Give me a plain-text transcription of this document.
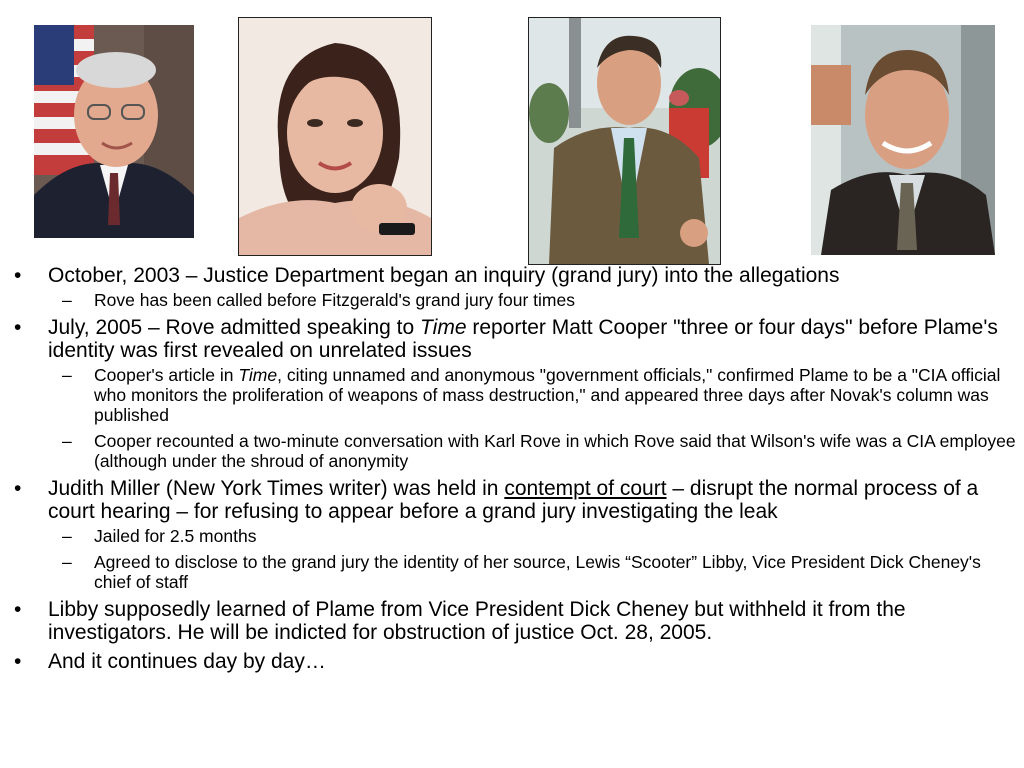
• October, 2003 – Justice Department began an inquiry (grand jury) into the allegations
– Rove has been called before Fitzgerald's grand jury four times
• July, 2005 – Rove admitted speaking to Time reporter Matt Cooper "three or four days" before Plame's identity was first revealed on unrelated issues
– Cooper's article in Time, citing unnamed and anonymous "government officials," confirmed Plame to be a "CIA official who monitors the proliferation of weapons of mass destruction," and appeared three days after Novak's column was published
– Cooper recounted a two-minute conversation with Karl Rove in which Rove said that Wilson's wife was a CIA employee (although under the shroud of anonymity
• Judith Miller (New York Times writer) was held in contempt of court – disrupt the normal process of a court hearing – for refusing to appear before a grand jury investigating the leak
– Jailed for 2.5 months
– Agreed to disclose to the grand jury the identity of her source, Lewis “Scooter” Libby, Vice President Dick Cheney's chief of staff
• Libby supposedly learned of Plame from Vice President Dick Cheney but withheld it from the investigators. He will be indicted for obstruction of justice Oct. 28, 2005.
• And it continues day by day…
